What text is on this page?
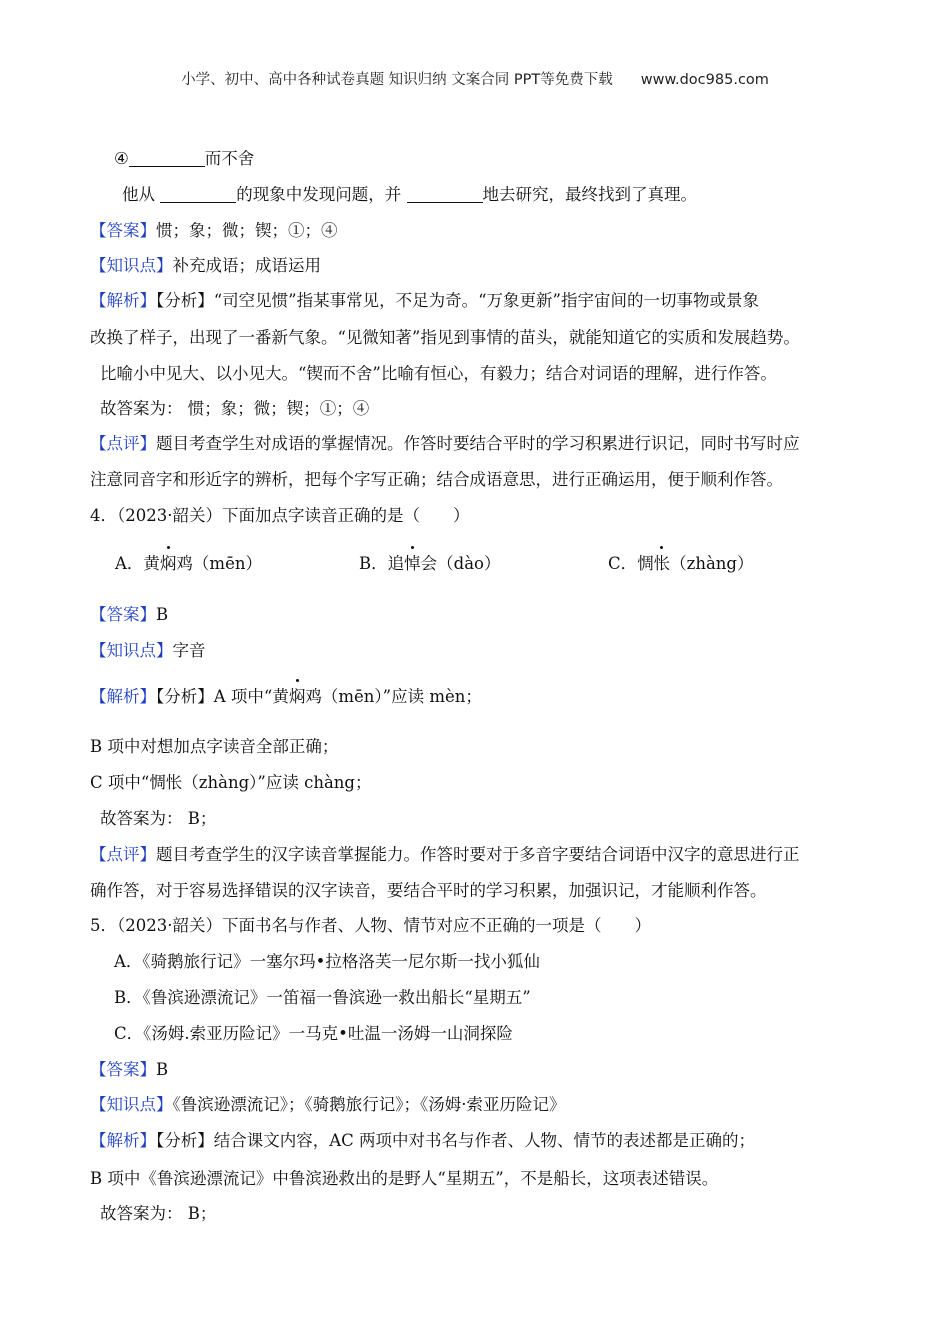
小学、初中、高中各种试卷真题 知识归纳 文案合同 PPT等免费下载 www.doc985.com
④	而不舍
他从	的现象中发现问题，并	地去研究，最终找到了真理。
【答案】惯；象；微；锲；①；④
【知识点】补充成语；成语运用
【解析】【分析】“司空见惯”指某事常见，不足为奇。“万象更新”指宇宙间的一切事物或景象
改换了样子，出现了一番新气象。“见微知著”指见到事情的苗头，就能知道它的实质和发展趋势。
比喻小中见大、以小见大。“锲而不舍”比喻有恒心，有毅力；结合对词语的理解，进行作答。
故答案为： 惯；象；微；锲；①；④
【点评】题目考查学生对成语的掌握情况。作答时要结合平时的学习积累进行识记，同时书写时应
注意同音字和形近字的辨析，把每个字写正确；结合成语意思，进行正确运用，便于顺利作答。
4．（2023·韶关）下面加点字读音正确的是（　　）
A．黄焖鸡（mēn）	B．追悼会（dào）	C．惆怅（zhàng）
【答案】B
【知识点】字音
【解析】【分析】A 项中“黄焖鸡（mēn）”应读 mèn；
B 项中对想加点字读音全部正确；
C 项中“惆怅（zhàng）”应读 chàng；
故答案为： B；
【点评】题目考查学生的汉字读音掌握能力。作答时要对于多音字要结合词语中汉字的意思进行正
确作答，对于容易选择错误的汉字读音，要结合平时的学习积累，加强识记，才能顺利作答。
5．（2023·韶关）下面书名与作者、人物、情节对应不正确的一项是（　　）
A．《骑鹅旅行记》一塞尔玛•拉格洛芙一尼尔斯一找小狐仙
B．《鲁滨逊漂流记》一笛福一鲁滨逊一救出船长“星期五”
C．《汤姆.索亚历险记》一马克•吐温一汤姆一山洞探险
【答案】B
【知识点】《鲁滨逊漂流记》；《骑鹅旅行记》；《汤姆·索亚历险记》
【解析】【分析】结合课文内容，AC 两项中对书名与作者、人物、情节的表述都是正确的；
B 项中《鲁滨逊漂流记》中鲁滨逊救出的是野人“星期五”，不是船长，这项表述错误。
故答案为： B；
